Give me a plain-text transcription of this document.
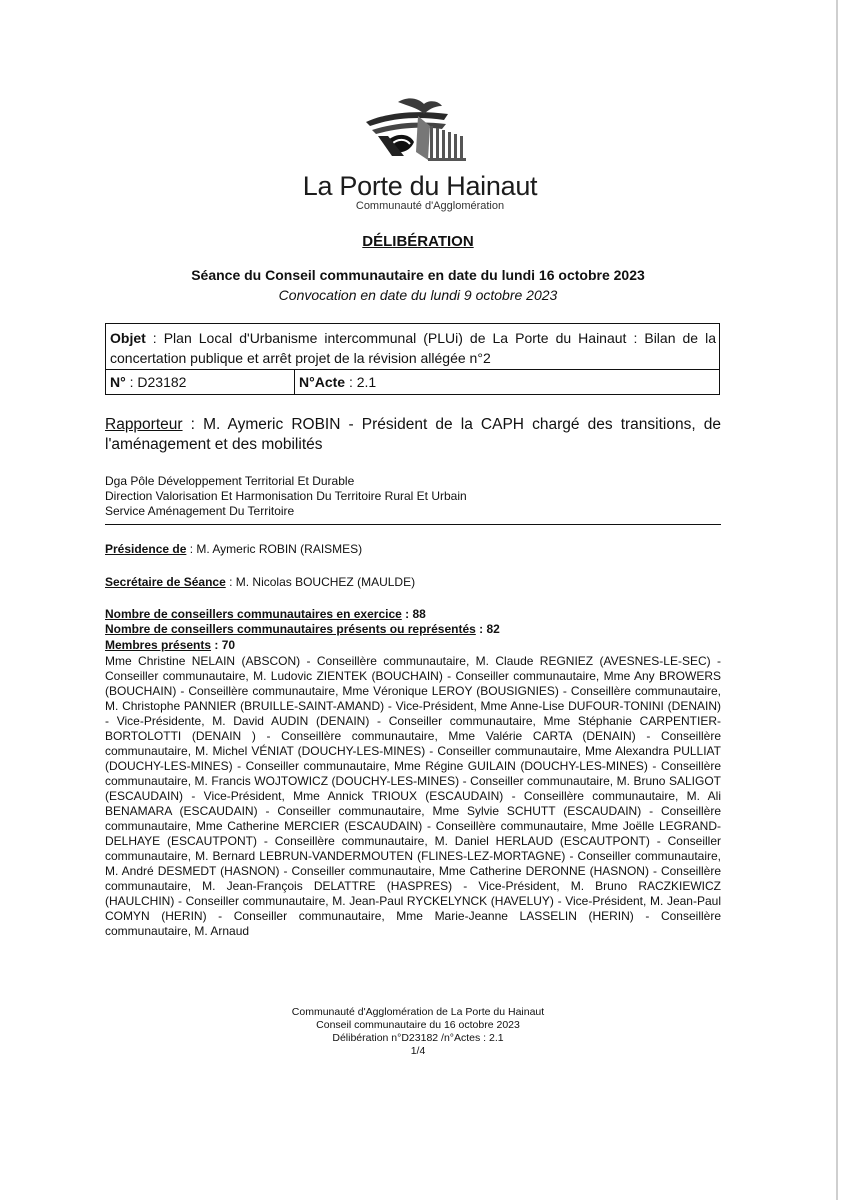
La Porte du Hainaut
Communauté d'Agglomération
DÉLIBÉRATION
Séance du Conseil communautaire en date du lundi 16 octobre 2023
Convocation en date du lundi 9 octobre 2023
Objet : Plan Local d'Urbanisme intercommunal (PLUi) de La Porte du Hainaut : Bilan de la concertation publique et arrêt projet de la révision allégée n°2
N° : D23182	N°Acte : 2.1
Rapporteur : M. Aymeric ROBIN - Président de la CAPH chargé des transitions, de l'aménagement et des mobilités
Dga Pôle Développement Territorial Et Durable
Direction Valorisation Et Harmonisation Du Territoire Rural Et Urbain
Service Aménagement Du Territoire
Présidence de : M. Aymeric ROBIN (RAISMES)
Secrétaire de Séance : M. Nicolas BOUCHEZ (MAULDE)
Nombre de conseillers communautaires en exercice : 88
Nombre de conseillers communautaires présents ou représentés : 82
Membres présents : 70
Mme Christine NELAIN (ABSCON) - Conseillère communautaire, M. Claude REGNIEZ (AVESNES-LE-SEC) - Conseiller communautaire, M. Ludovic ZIENTEK (BOUCHAIN) - Conseiller communautaire, Mme Any BROWERS (BOUCHAIN) - Conseillère communautaire, Mme Véronique LEROY (BOUSIGNIES) - Conseillère communautaire, M. Christophe PANNIER (BRUILLE-SAINT-AMAND) - Vice-Président, Mme Anne-Lise DUFOUR-TONINI (DENAIN) - Vice-Présidente, M. David AUDIN (DENAIN) - Conseiller communautaire, Mme Stéphanie CARPENTIER-BORTOLOTTI (DENAIN ) - Conseillère communautaire, Mme Valérie CARTA (DENAIN) - Conseillère communautaire, M. Michel VÉNIAT (DOUCHY-LES-MINES) - Conseiller communautaire, Mme Alexandra PULLIAT (DOUCHY-LES-MINES) - Conseiller communautaire, Mme Régine GUILAIN (DOUCHY-LES-MINES) - Conseillère communautaire, M. Francis WOJTOWICZ (DOUCHY-LES-MINES) - Conseiller communautaire, M. Bruno SALIGOT (ESCAUDAIN) - Vice-Président, Mme Annick TRIOUX (ESCAUDAIN) - Conseillère communautaire, M. Ali BENAMARA (ESCAUDAIN) - Conseiller communautaire, Mme Sylvie SCHUTT (ESCAUDAIN) - Conseillère communautaire, Mme Catherine MERCIER (ESCAUDAIN) - Conseillère communautaire, Mme Joëlle LEGRAND-DELHAYE (ESCAUTPONT) - Conseillère communautaire, M. Daniel HERLAUD (ESCAUTPONT) - Conseiller communautaire, M. Bernard LEBRUN-VANDERMOUTEN (FLINES-LEZ-MORTAGNE) - Conseiller communautaire, M. André DESMEDT (HASNON) - Conseiller communautaire, Mme Catherine DERONNE (HASNON) - Conseillère communautaire, M. Jean-François DELATTRE (HASPRES) - Vice-Président, M. Bruno RACZKIEWICZ (HAULCHIN) - Conseiller communautaire, M. Jean-Paul RYCKELYNCK (HAVELUY) - Vice-Président, M. Jean-Paul COMYN (HERIN) - Conseiller communautaire, Mme Marie-Jeanne LASSELIN (HERIN) - Conseillère communautaire, M. Arnaud
Communauté d'Agglomération de La Porte du Hainaut
Conseil communautaire du 16 octobre 2023
Délibération n°D23182 /n°Actes : 2.1
1/4
